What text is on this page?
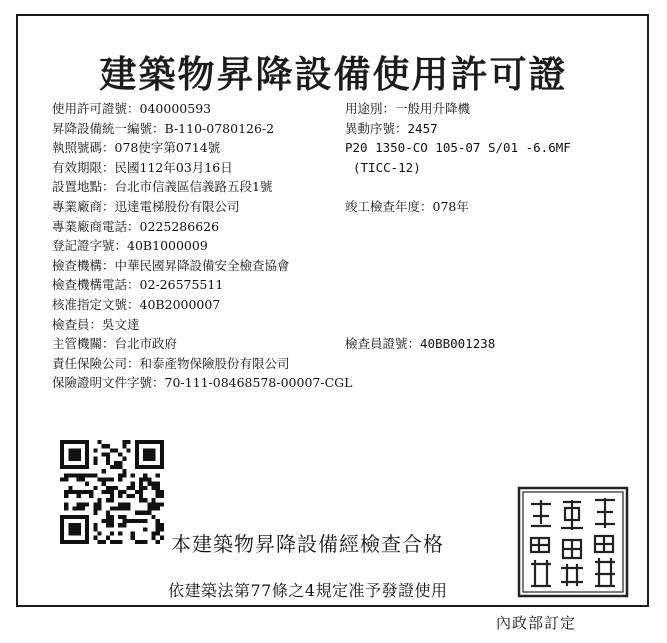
建築物昇降設備使用許可證
使用許可證號：040000593
昇降設備統一編號：B-110-0780126-2
執照號碼：078使字第0714號
有效期限：民國112年03月16日
設置地點：台北市信義區信義路五段1號
專業廠商：迅達電梯股份有限公司
專業廠商電話：0225286626
登記證字號：40B1000009
檢查機構：中華民國昇降設備安全檢查協會
檢查機構電話：02-26575511
核准指定文號：40B2000007
檢查員：吳文達
主管機關：台北市政府
責任保險公司：和泰產物保險股份有限公司
保險證明文件字號：70-111-08468578-00007-CGL
用途別：一般用升降機
異動序號：2457
P20 1350-CO 105-07 S/01 -6.6MF
(TICC-12)
竣工檢查年度：078年
檢查員證號：40BB001238
本建築物昇降設備經檢查合格
依建築法第77條之4規定准予發證使用
內政部訂定
